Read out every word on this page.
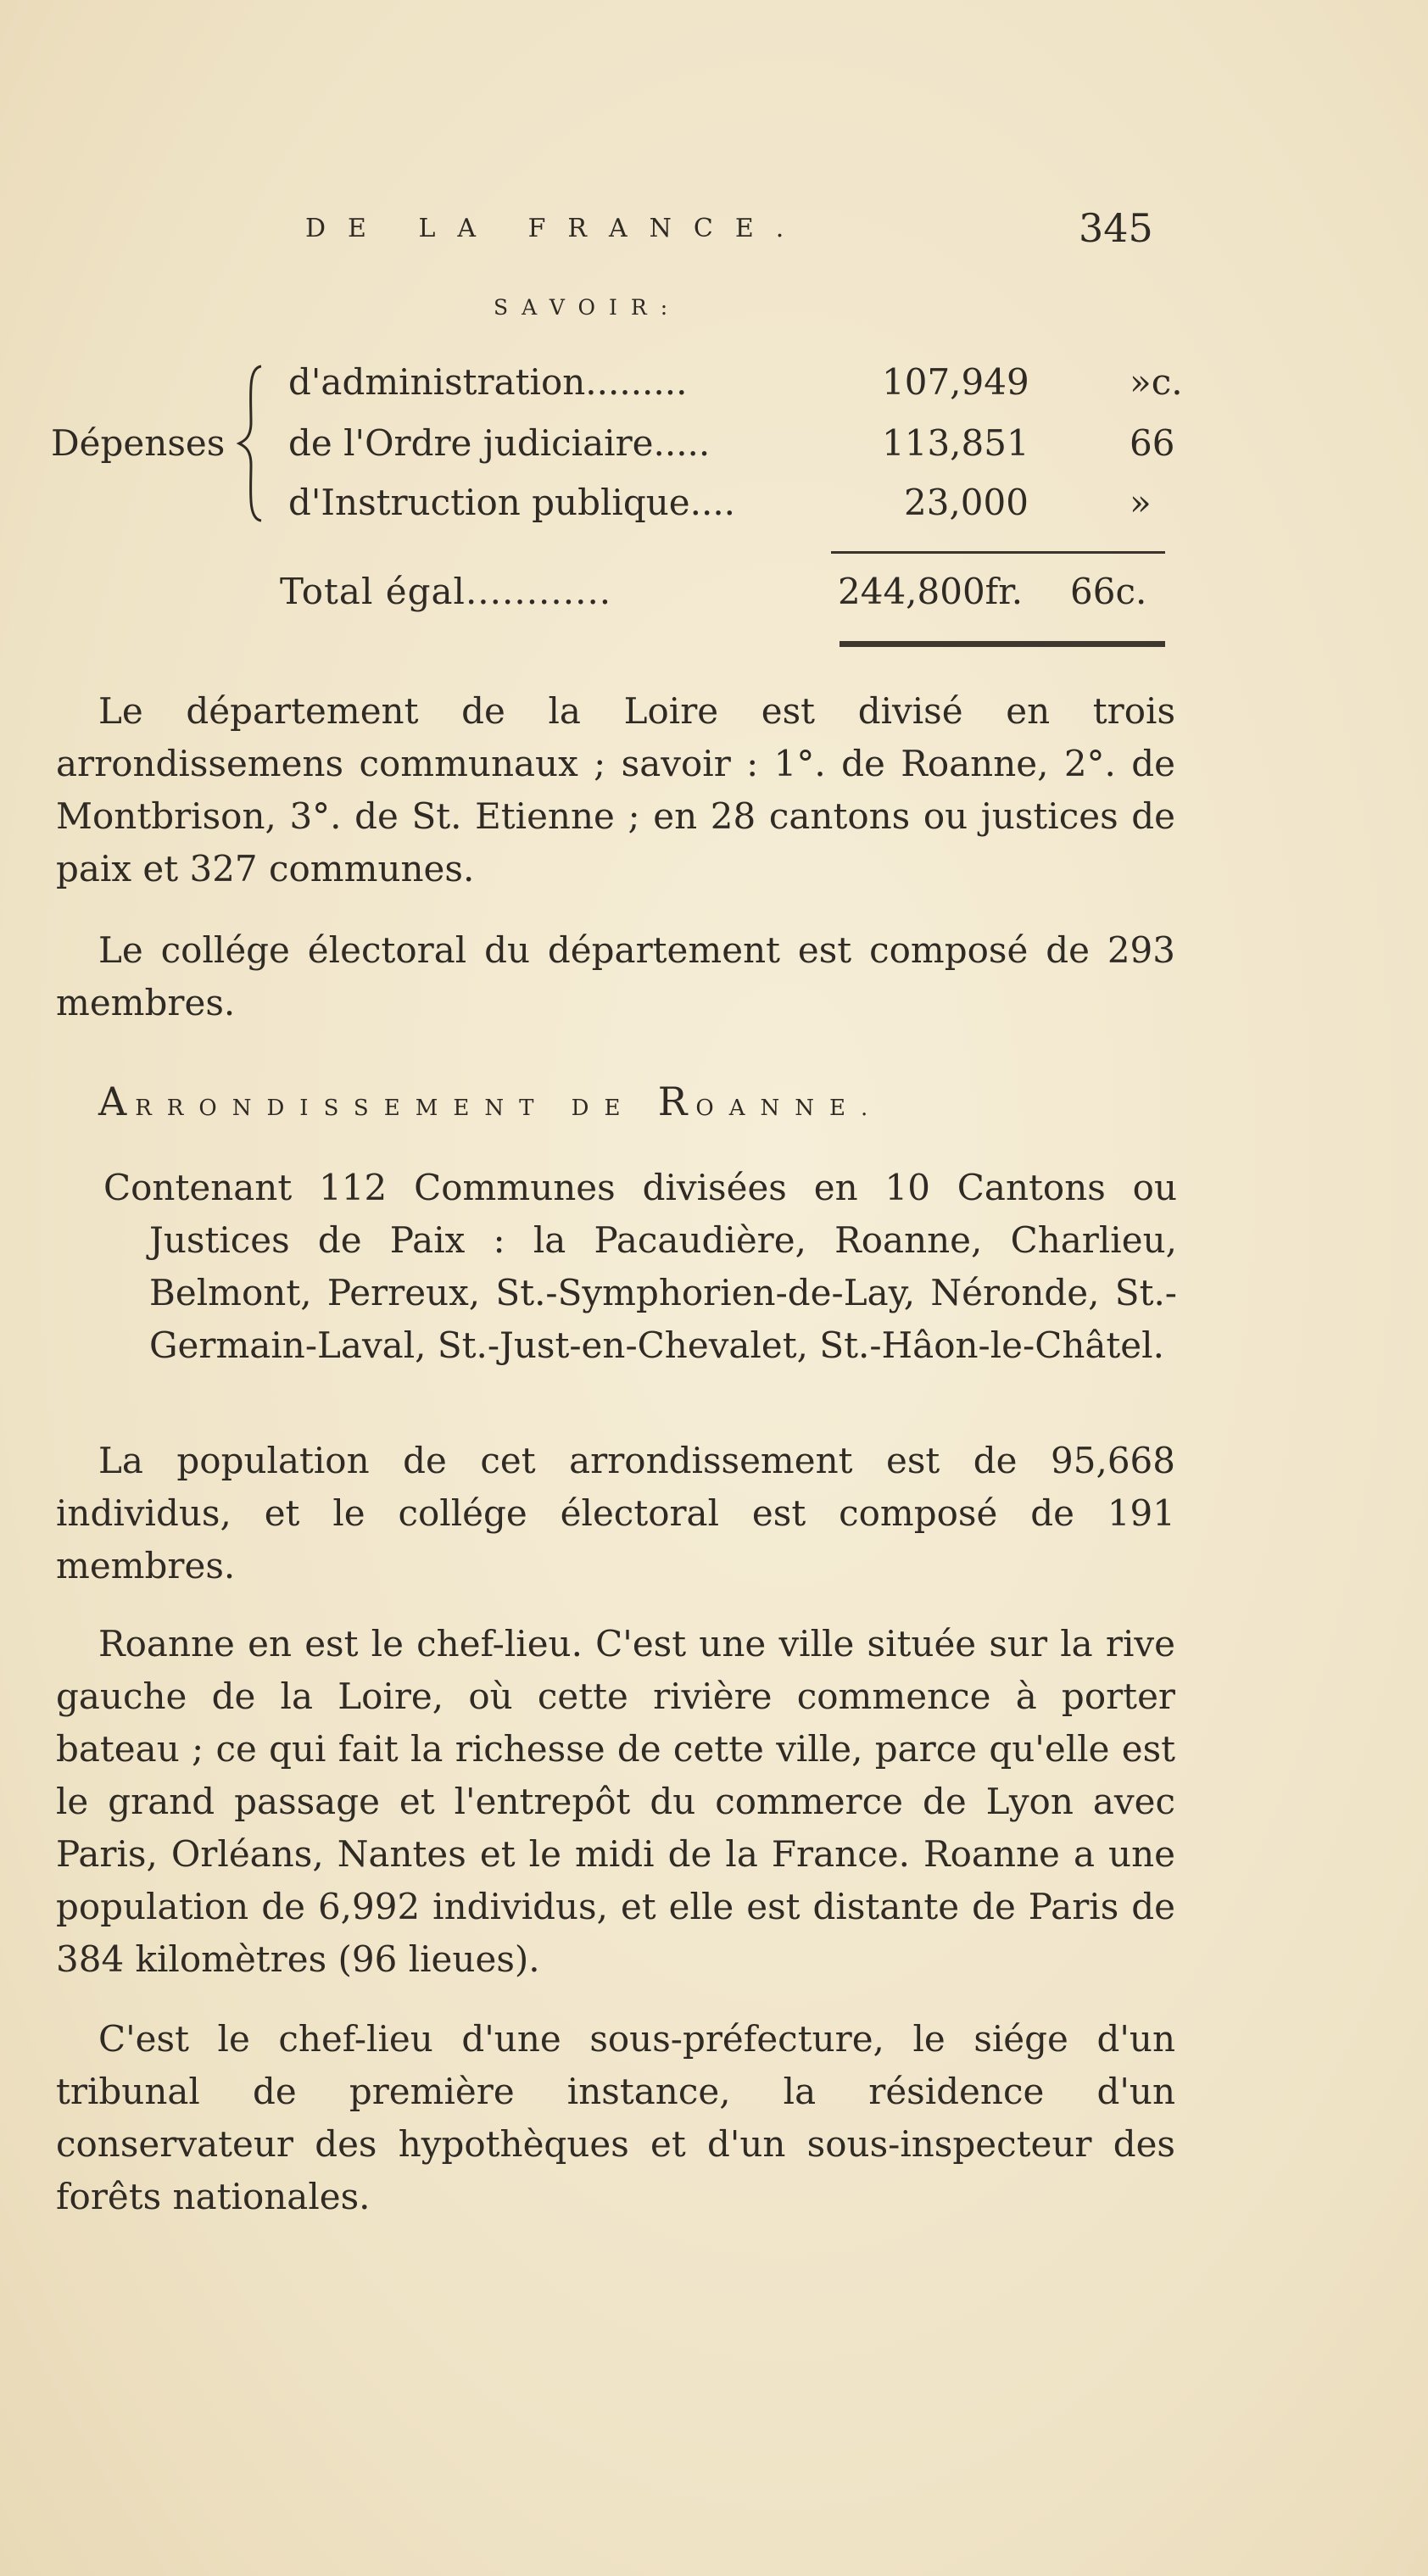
DE LA FRANCE.	345
SAVOIR:
Dépenses
d'administration.........	107,949	»c.
de l'Ordre judiciaire.....	113,851	66
d'Instruction publique....	23,000	»
Total égal............	244,800fr. 66c.

Le département de la Loire est divisé en trois arrondissemens communaux ; savoir : 1°. de Roanne, 2°. de Montbrison, 3°. de St. Etienne ; en 28 cantons ou justices de paix et 327 communes.

Le collége électoral du département est composé de 293 membres.

ARRONDISSEMENT DE ROANNE.

Contenant 112 Communes divisées en 10 Cantons ou Justices de Paix : la Pacaudière, Roanne, Charlieu, Belmont, Perreux, St.-Symphorien-de-Lay, Néronde, St.-Germain-Laval, St.-Just-en-Chevalet, St.-Hâon-le-Châtel.

La population de cet arrondissement est de 95,668 individus, et le collége électoral est composé de 191 membres.

Roanne en est le chef-lieu. C'est une ville située sur la rive gauche de la Loire, où cette rivière commence à porter bateau ; ce qui fait la richesse de cette ville, parce qu'elle est le grand passage et l'entrepôt du commerce de Lyon avec Paris, Orléans, Nantes et le midi de la France. Roanne a une population de 6,992 individus, et elle est distante de Paris de 384 kilomètres (96 lieues).

C'est le chef-lieu d'une sous-préfecture, le siége d'un tribunal de première instance, la résidence d'un conservateur des hypothèques et d'un sous-inspecteur des forêts nationales.
